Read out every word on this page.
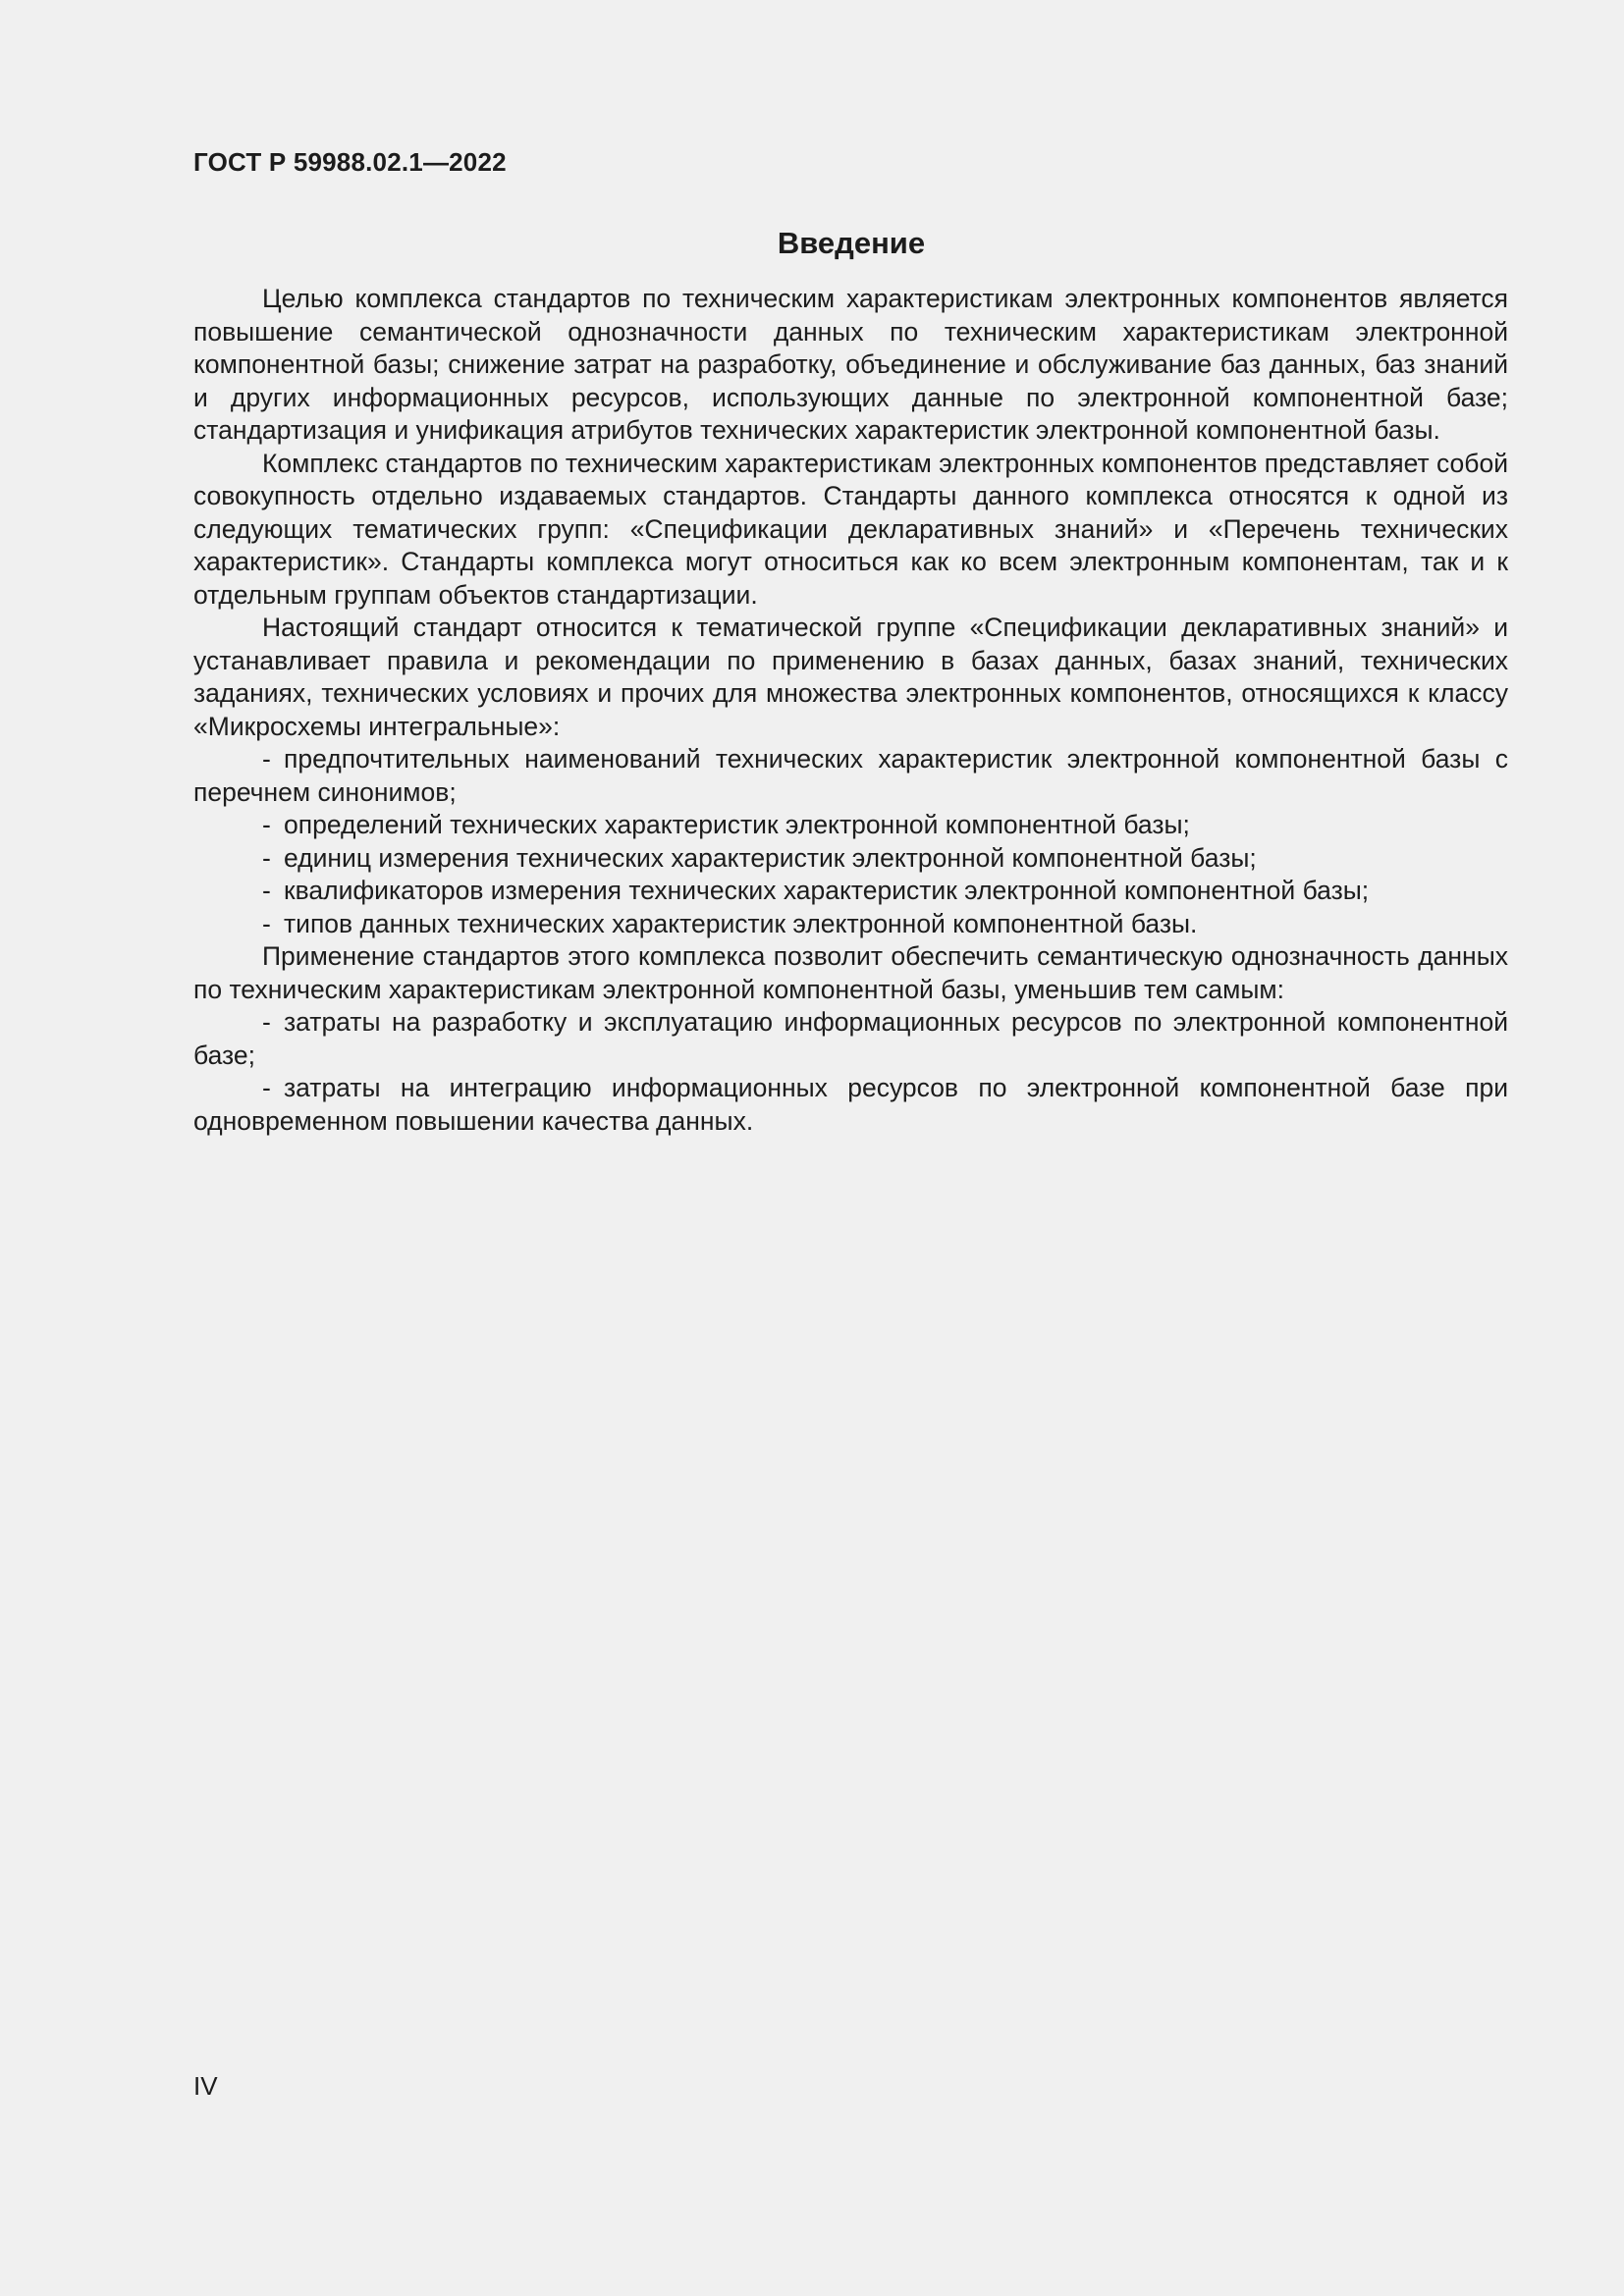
ГОСТ Р 59988.02.1—2022
Введение

Целью комплекса стандартов по техническим характеристикам электронных компонентов является повышение семантической однозначности данных по техническим характеристикам электронной компонентной базы; снижение затрат на разработку, объединение и обслуживание баз данных, баз знаний и других информационных ресурсов, использующих данные по электронной компонентной базе; стандартизация и унификация атрибутов технических характеристик электронной компонентной базы.

Комплекс стандартов по техническим характеристикам электронных компонентов представляет собой совокупность отдельно издаваемых стандартов. Стандарты данного комплекса относятся к одной из следующих тематических групп: «Спецификации декларативных знаний» и «Перечень технических характеристик». Стандарты комплекса могут относиться как ко всем электронным компонентам, так и к отдельным группам объектов стандартизации.

Настоящий стандарт относится к тематической группе «Спецификации декларативных знаний» и устанавливает правила и рекомендации по применению в базах данных, базах знаний, технических заданиях, технических условиях и прочих для множества электронных компонентов, относящихся к классу «Микросхемы интегральные»:

- предпочтительных наименований технических характеристик электронной компонентной базы с перечнем синонимов;
- определений технических характеристик электронной компонентной базы;
- единиц измерения технических характеристик электронной компонентной базы;
- квалификаторов измерения технических характеристик электронной компонентной базы;
- типов данных технических характеристик электронной компонентной базы.

Применение стандартов этого комплекса позволит обеспечить семантическую однозначность данных по техническим характеристикам электронной компонентной базы, уменьшив тем самым:

- затраты на разработку и эксплуатацию информационных ресурсов по электронной компонентной базе;
- затраты на интеграцию информационных ресурсов по электронной компонентной базе при одновременном повышении качества данных.
IV
